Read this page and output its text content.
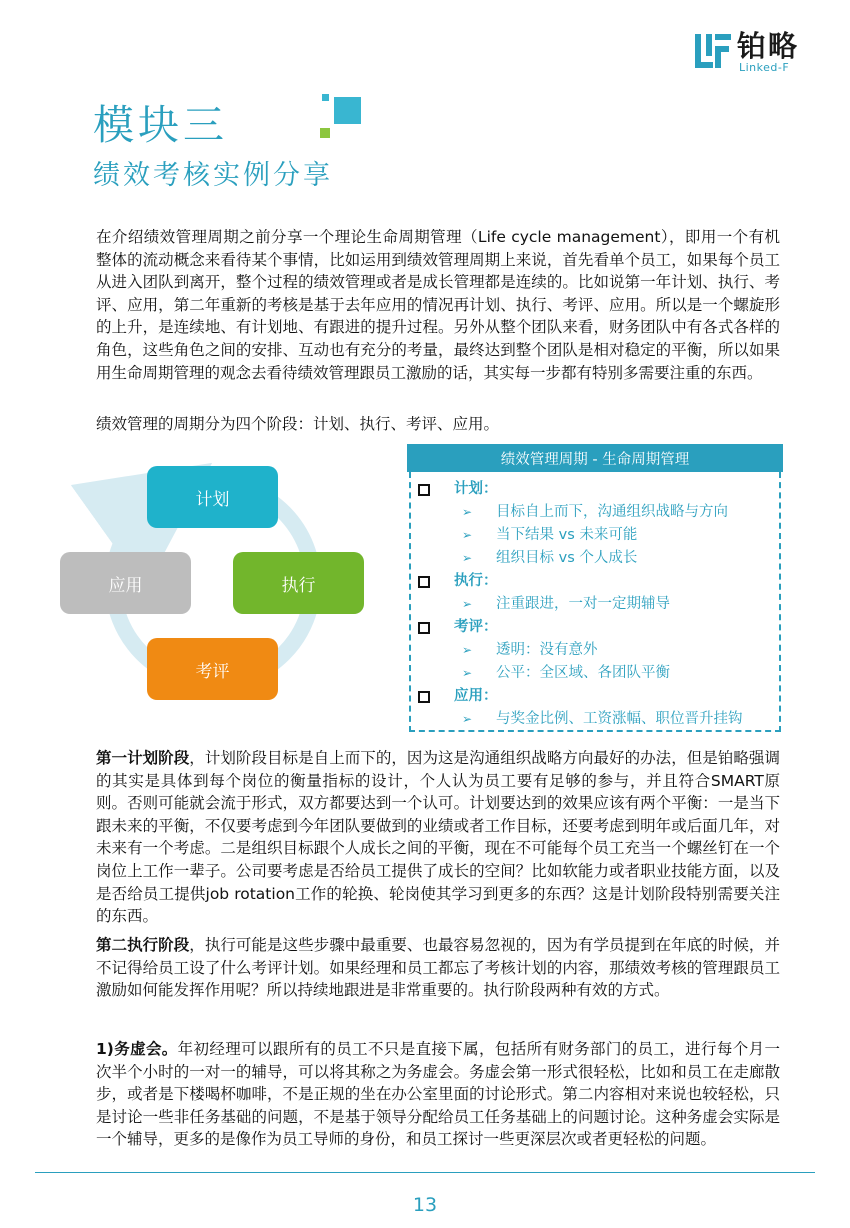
铂略
Linked-F
模块三
绩效考核实例分享

在介绍绩效管理周期之前分享一个理论生命周期管理（Life cycle management），即用一个有机整体的流动概念来看待某个事情，比如运用到绩效管理周期上来说，首先看单个员工，如果每个员工从进入团队到离开，整个过程的绩效管理或者是成长管理都是连续的。比如说第一年计划、执行、考评、应用，第二年重新的考核是基于去年应用的情况再计划、执行、考评、应用。所以是一个螺旋形的上升，是连续地、有计划地、有跟进的提升过程。另外从整个团队来看，财务团队中有各式各样的角色，这些角色之间的安排、互动也有充分的考量，最终达到整个团队是相对稳定的平衡，所以如果用生命周期管理的观念去看待绩效管理跟员工激励的话，其实每一步都有特别多需要注重的东西。

绩效管理的周期分为四个阶段：计划、执行、考评、应用。

计划
执行
考评
应用
绩效管理周期 - 生命周期管理
计划：
➢ 目标自上而下，沟通组织战略与方向
➢ 当下结果 vs 未来可能
➢ 组织目标 vs 个人成长
执行：
➢ 注重跟进，一对一定期辅导
考评：
➢ 透明：没有意外
➢ 公平：全区域、各团队平衡
应用：
➢ 与奖金比例、工资涨幅、职位晋升挂钩

第一计划阶段，计划阶段目标是自上而下的，因为这是沟通组织战略方向最好的办法，但是铂略强调的其实是具体到每个岗位的衡量指标的设计，个人认为员工要有足够的参与，并且符合SMART原则。否则可能就会流于形式，双方都要达到一个认可。计划要达到的效果应该有两个平衡：一是当下跟未来的平衡，不仅要考虑到今年团队要做到的业绩或者工作目标，还要考虑到明年或后面几年，对未来有一个考虑。二是组织目标跟个人成长之间的平衡，现在不可能每个员工充当一个螺丝钉在一个岗位上工作一辈子。公司要考虑是否给员工提供了成长的空间？比如软能力或者职业技能方面，以及是否给员工提供job rotation工作的轮换、轮岗使其学习到更多的东西？这是计划阶段特别需要关注的东西。

第二执行阶段，执行可能是这些步骤中最重要、也最容易忽视的，因为有学员提到在年底的时候，并不记得给员工设了什么考评计划。如果经理和员工都忘了考核计划的内容，那绩效考核的管理跟员工激励如何能发挥作用呢？所以持续地跟进是非常重要的。执行阶段两种有效的方式。

1)务虚会。年初经理可以跟所有的员工不只是直接下属，包括所有财务部门的员工，进行每个月一次半个小时的一对一的辅导，可以将其称之为务虚会。务虚会第一形式很轻松，比如和员工在走廊散步，或者是下楼喝杯咖啡，不是正规的坐在办公室里面的讨论形式。第二内容相对来说也较轻松，只是讨论一些非任务基础的问题，不是基于领导分配给员工任务基础上的问题讨论。这种务虚会实际是一个辅导，更多的是像作为员工导师的身份，和员工探讨一些更深层次或者更轻松的问题。

13
